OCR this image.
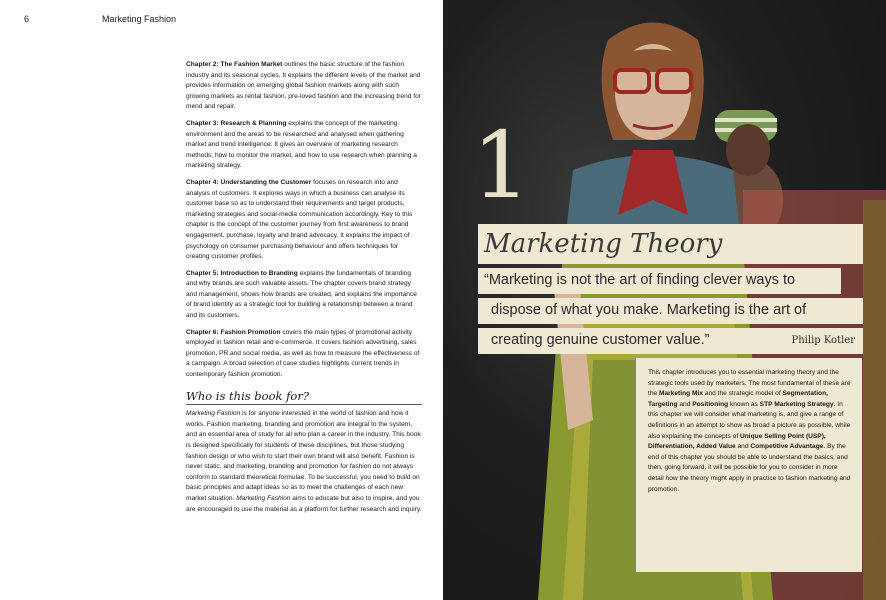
6	Marketing Fashion

Chapter 2: The Fashion Market outlines the basic structure of the fashion industry and its seasonal cycles. It explains the different levels of the market and provides information on emerging global fashion markets along with such growing markets as rental fashion, pre-loved fashion and the increasing trend for mend and repair.

Chapter 3: Research & Planning explains the concept of the marketing environment and the areas to be researched and analysed when gathering market and trend intelligence. It gives an overview of marketing research methods, how to monitor the market, and how to use research when planning a marketing strategy.

Chapter 4: Understanding the Customer focuses on research into and analysis of customers. It explores ways in which a business can analyse its customer base so as to understand their requirements and target products, marketing strategies and social-media communication accordingly. Key to this chapter is the concept of the customer journey from first awareness to brand engagement, purchase, loyalty and brand advocacy. It explains the impact of psychology on consumer purchasing behaviour and offers techniques for creating customer profiles.

Chapter 5: Introduction to Branding explains the fundamentals of branding and why brands are such valuable assets. The chapter covers brand strategy and management, shows how brands are created, and explains the importance of brand identity as a strategic tool for building a relationship between a brand and its customers.

Chapter 6: Fashion Promotion covers the main types of promotional activity employed in fashion retail and e-commerce. It covers fashion advertising, sales promotion, PR and social media, as well as how to measure the effectiveness of a campaign. A broad selection of case studies highlights current trends in contemporary fashion promotion.

Who is this book for?

Marketing Fashion is for anyone interested in the world of fashion and how it works. Fashion marketing, branding and promotion are integral to the system, and an essential area of study for all who plan a career in the industry. This book is designed specifically for students of these disciplines, but those studying fashion design or who wish to start their own brand will also benefit. Fashion is never static, and marketing, branding and promotion for fashion do not always conform to standard theoretical formulae. To be successful, you need to build on basic principles and adapt ideas so as to meet the challenges of each new market situation. Marketing Fashion aims to educate but also to inspire, and you are encouraged to use the material as a platform for further research and inquiry.

1
Marketing Theory
“Marketing is not the art of finding clever ways to
dispose of what you make. Marketing is the art of
creating genuine customer value.”	Philip Kotler
This chapter introduces you to essential marketing theory and the strategic tools used by marketers. The most fundamental of these are the Marketing Mix and the strategic model of Segmentation, Targeting and Positioning known as STP Marketing Strategy. In this chapter we will consider what marketing is, and give a range of definitions in an attempt to show as broad a picture as possible, while also explaining the concepts of Unique Selling Point (USP), Differentiation, Added Value and Competitive Advantage. By the end of this chapter you should be able to understand the basics, and then, going forward, it will be possible for you to consider in more detail how the theory might apply in practice to fashion marketing and promotion.
